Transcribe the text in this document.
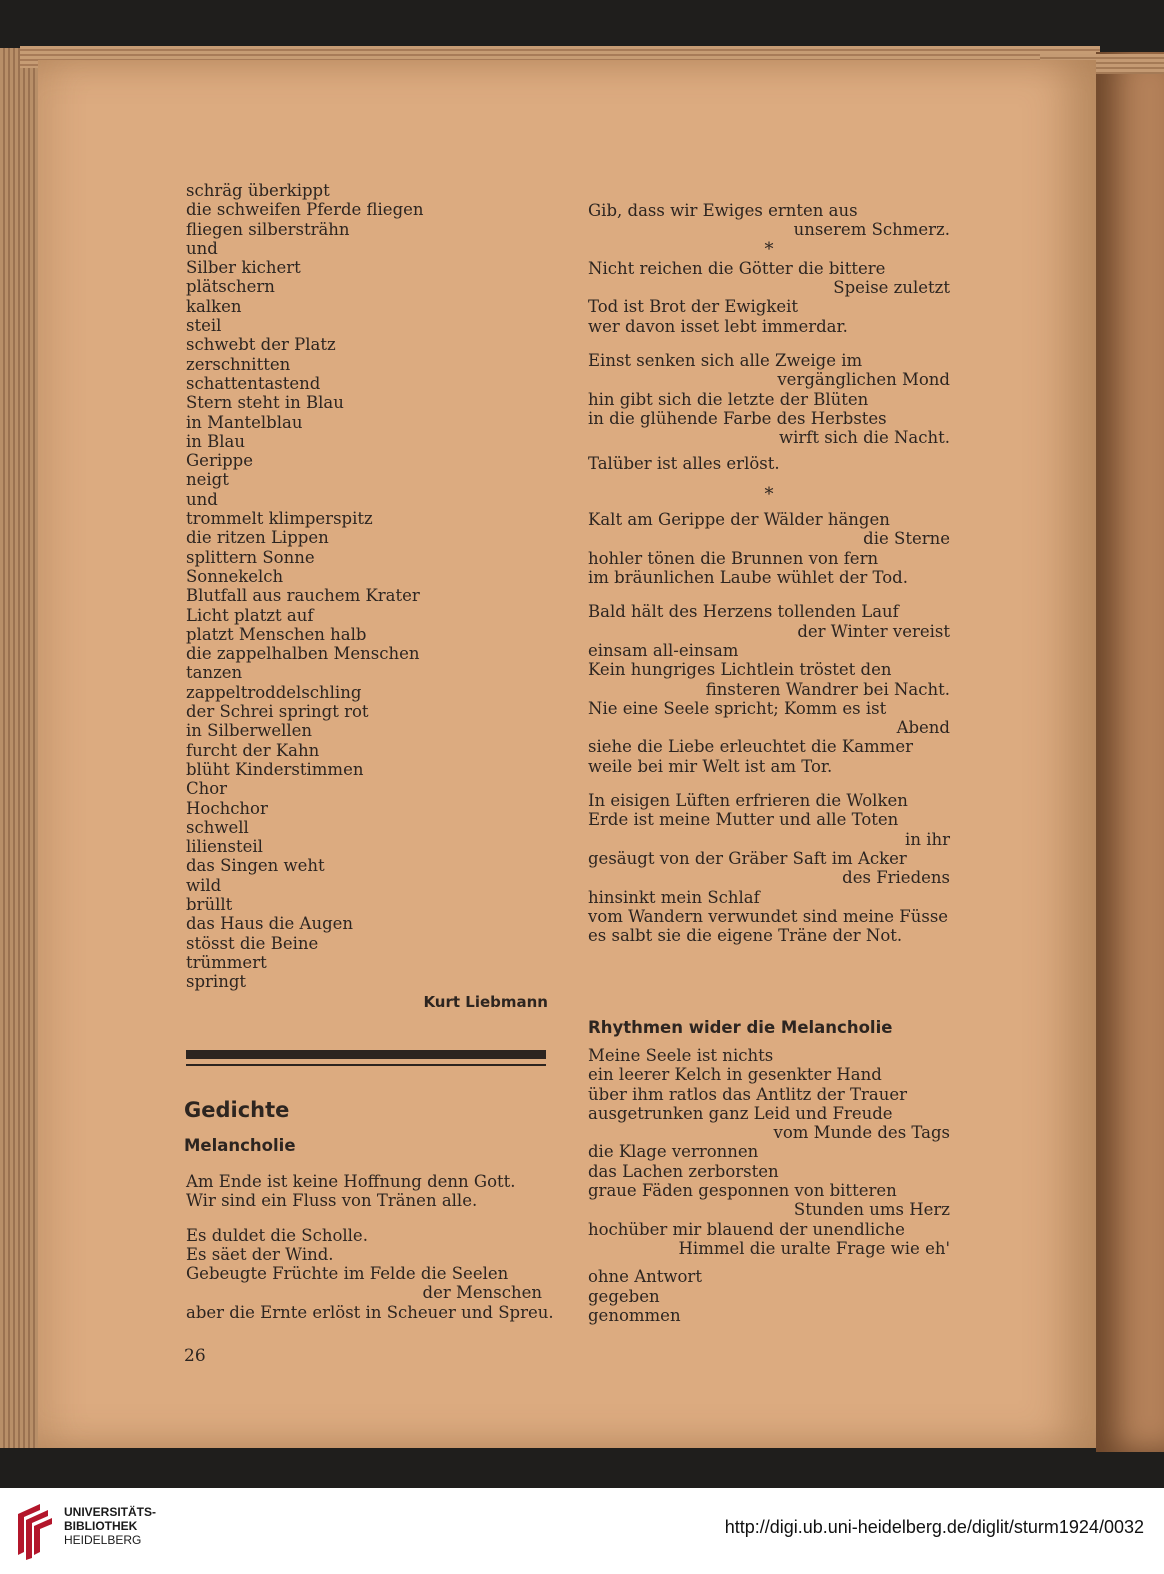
schräg überkippt
die schweifen Pferde fliegen
fliegen silbersträhn
und
Silber kichert
plätschern
kalken
steil
schwebt der Platz
zerschnitten
schattentastend
Stern steht in Blau
in Mantelblau
in Blau
Gerippe
neigt
und
trommelt klimperspitz
die ritzen Lippen
splittern Sonne
Sonnekelch
Blutfall aus rauchem Krater
Licht platzt auf
platzt Menschen halb
die zappelhalben Menschen
tanzen
zappeltroddelschling
der Schrei springt rot
in Silberwellen
furcht der Kahn
blüht Kinderstimmen
Chor
Hochchor
schwell
liliensteil
das Singen weht
wild
brüllt
das Haus die Augen
stösst die Beine
trümmert
springt
Kurt Liebmann
Gedichte
Melancholie
Am Ende ist keine Hoffnung denn Gott.
Wir sind ein Fluss von Tränen alle.
Es duldet die Scholle.
Es säet der Wind.
Gebeugte Früchte im Felde die Seelen
der Menschen
aber die Ernte erlöst in Scheuer und Spreu.
Gib, dass wir Ewiges ernten aus
unserem Schmerz.
*
Nicht reichen die Götter die bittere
Speise zuletzt
Tod ist Brot der Ewigkeit
wer davon isset lebt immerdar.
Einst senken sich alle Zweige im
vergänglichen Mond
hin gibt sich die letzte der Blüten
in die glühende Farbe des Herbstes
wirft sich die Nacht.
Talüber ist alles erlöst.
*
Kalt am Gerippe der Wälder hängen
die Sterne
hohler tönen die Brunnen von fern
im bräunlichen Laube wühlet der Tod.
Bald hält des Herzens tollenden Lauf
der Winter vereist
einsam all-einsam
Kein hungriges Lichtlein tröstet den
finsteren Wandrer bei Nacht.
Nie eine Seele spricht; Komm es ist
Abend
siehe die Liebe erleuchtet die Kammer
weile bei mir Welt ist am Tor.
In eisigen Lüften erfrieren die Wolken
Erde ist meine Mutter und alle Toten
in ihr
gesäugt von der Gräber Saft im Acker
des Friedens
hinsinkt mein Schlaf
vom Wandern verwundet sind meine Füsse
es salbt sie die eigene Träne der Not.
Rhythmen wider die Melancholie
Meine Seele ist nichts
ein leerer Kelch in gesenkter Hand
über ihm ratlos das Antlitz der Trauer
ausgetrunken ganz Leid und Freude
vom Munde des Tags
die Klage verronnen
das Lachen zerborsten
graue Fäden gesponnen von bitteren
Stunden ums Herz
hochüber mir blauend der unendliche
Himmel die uralte Frage wie eh'
ohne Antwort
gegeben
genommen
26
UNIVERSITÄTS-
BIBLIOTHEK
HEIDELBERG
http://digi.ub.uni-heidelberg.de/diglit/sturm1924/0032
